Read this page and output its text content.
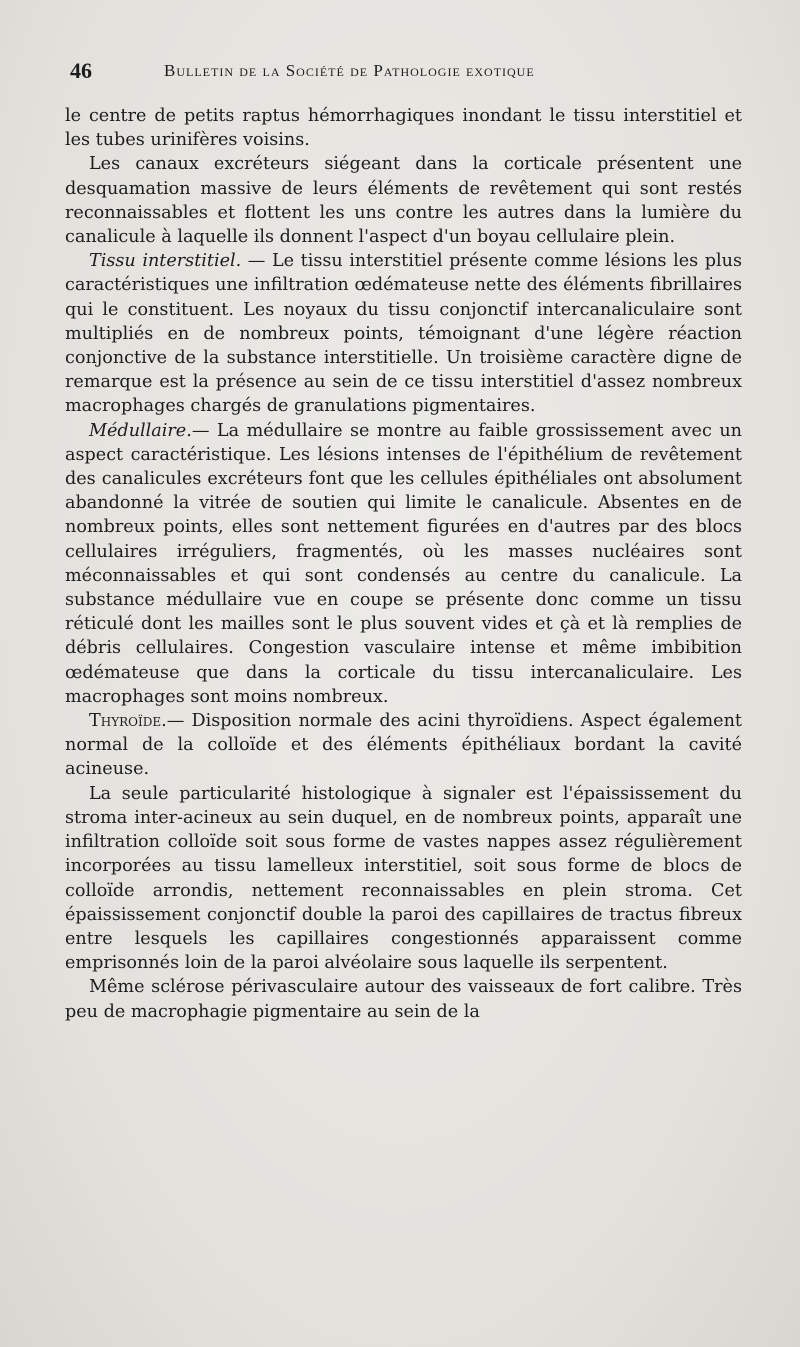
46	Bulletin de la Société de Pathologie exotique

le centre de petits raptus hémorrhagiques inondant le tissu interstitiel et les tubes urinifères voisins.

Les canaux excréteurs siégeant dans la corticale présentent une desquamation massive de leurs éléments de revêtement qui sont restés reconnaissables et flottent les uns contre les autres dans la lumière du canalicule à laquelle ils donnent l'aspect d'un boyau cellulaire plein.

Tissu interstitiel. — Le tissu interstitiel présente comme lésions les plus caractéristiques une infiltration œdémateuse nette des éléments fibrillaires qui le constituent. Les noyaux du tissu conjonctif intercanaliculaire sont multipliés en de nombreux points, témoignant d'une légère réaction conjonctive de la substance interstitielle. Un troisième caractère digne de remarque est la présence au sein de ce tissu interstitiel d'assez nombreux macrophages chargés de granulations pigmentaires.

Médullaire.— La médullaire se montre au faible grossissement avec un aspect caractéristique. Les lésions intenses de l'épithélium de revêtement des canalicules excréteurs font que les cellules épithéliales ont absolument abandonné la vitrée de soutien qui limite le canalicule. Absentes en de nombreux points, elles sont nettement figurées en d'autres par des blocs cellulaires irréguliers, fragmentés, où les masses nucléaires sont méconnaissables et qui sont condensés au centre du canalicule. La substance médullaire vue en coupe se présente donc comme un tissu réticulé dont les mailles sont le plus souvent vides et çà et là remplies de débris cellulaires. Congestion vasculaire intense et même imbibition œdémateuse que dans la corticale du tissu intercanaliculaire. Les macrophages sont moins nombreux.

Thyroïde.— Disposition normale des acini thyroïdiens. Aspect également normal de la colloïde et des éléments épithéliaux bordant la cavité acineuse.

La seule particularité histologique à signaler est l'épaississement du stroma inter-acineux au sein duquel, en de nombreux points, apparaît une infiltration colloïde soit sous forme de vastes nappes assez régulièrement incorporées au tissu lamelleux interstitiel, soit sous forme de blocs de colloïde arrondis, nettement reconnaissables en plein stroma. Cet épaississement conjonctif double la paroi des capillaires de tractus fibreux entre lesquels les capillaires congestionnés apparaissent comme emprisonnés loin de la paroi alvéolaire sous laquelle ils serpentent.

Même sclérose périvasculaire autour des vaisseaux de fort calibre. Très peu de macrophagie pigmentaire au sein de la
